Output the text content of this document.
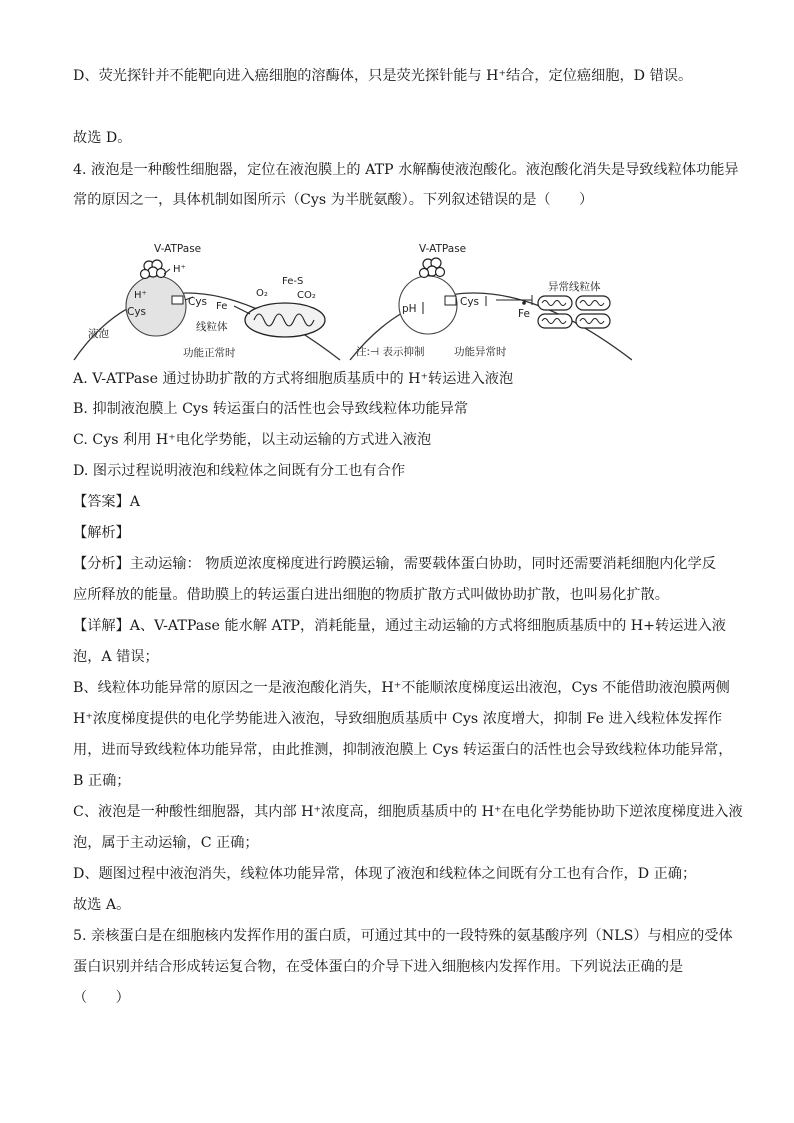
D、荧光探针并不能靶向进入癌细胞的溶酶体，只是荧光探针能与 H⁺结合，定位癌细胞，D 错误。
故选 D。
4. 液泡是一种酸性细胞器，定位在液泡膜上的 ATP 水解酶使液泡酸化。液泡酸化消失是导致线粒体功能异
常的原因之一，具体机制如图所示（Cys 为半胱氨酸）。下列叙述错误的是（　　）
V-ATPase
H⁺
H⁺
Cys
Cys
液泡
Fe-S
Fe
O₂	CO₂
线粒体
功能正常时
V-ATPase
pH
Cys
Fe
异常线粒体
注:⊣ 表示抑制	功能异常时
A. V-ATPase 通过协助扩散的方式将细胞质基质中的 H⁺转运进入液泡
B. 抑制液泡膜上 Cys 转运蛋白的活性也会导致线粒体功能异常
C. Cys 利用 H⁺电化学势能，以主动运输的方式进入液泡
D. 图示过程说明液泡和线粒体之间既有分工也有合作
【答案】A
【解析】
【分析】主动运输： 物质逆浓度梯度进行跨膜运输，需要载体蛋白协助，同时还需要消耗细胞内化学反
应所释放的能量。借助膜上的转运蛋白进出细胞的物质扩散方式叫做协助扩散，也叫易化扩散。
【详解】A、V-ATPase 能水解 ATP，消耗能量，通过主动运输的方式将细胞质基质中的 H+转运进入液
泡，A 错误；
B、线粒体功能异常的原因之一是液泡酸化消失，H⁺不能顺浓度梯度运出液泡，Cys 不能借助液泡膜两侧
H⁺浓度梯度提供的电化学势能进入液泡，导致细胞质基质中 Cys 浓度增大，抑制 Fe 进入线粒体发挥作
用，进而导致线粒体功能异常，由此推测，抑制液泡膜上 Cys 转运蛋白的活性也会导致线粒体功能异常，
B 正确；
C、液泡是一种酸性细胞器，其内部 H⁺浓度高，细胞质基质中的 H⁺在电化学势能协助下逆浓度梯度进入液
泡，属于主动运输，C 正确；
D、题图过程中液泡消失，线粒体功能异常，体现了液泡和线粒体之间既有分工也有合作，D 正确；
故选 A。
5. 亲核蛋白是在细胞核内发挥作用的蛋白质，可通过其中的一段特殊的氨基酸序列（NLS）与相应的受体
蛋白识别并结合形成转运复合物，在受体蛋白的介导下进入细胞核内发挥作用。下列说法正确的是
（　　）
